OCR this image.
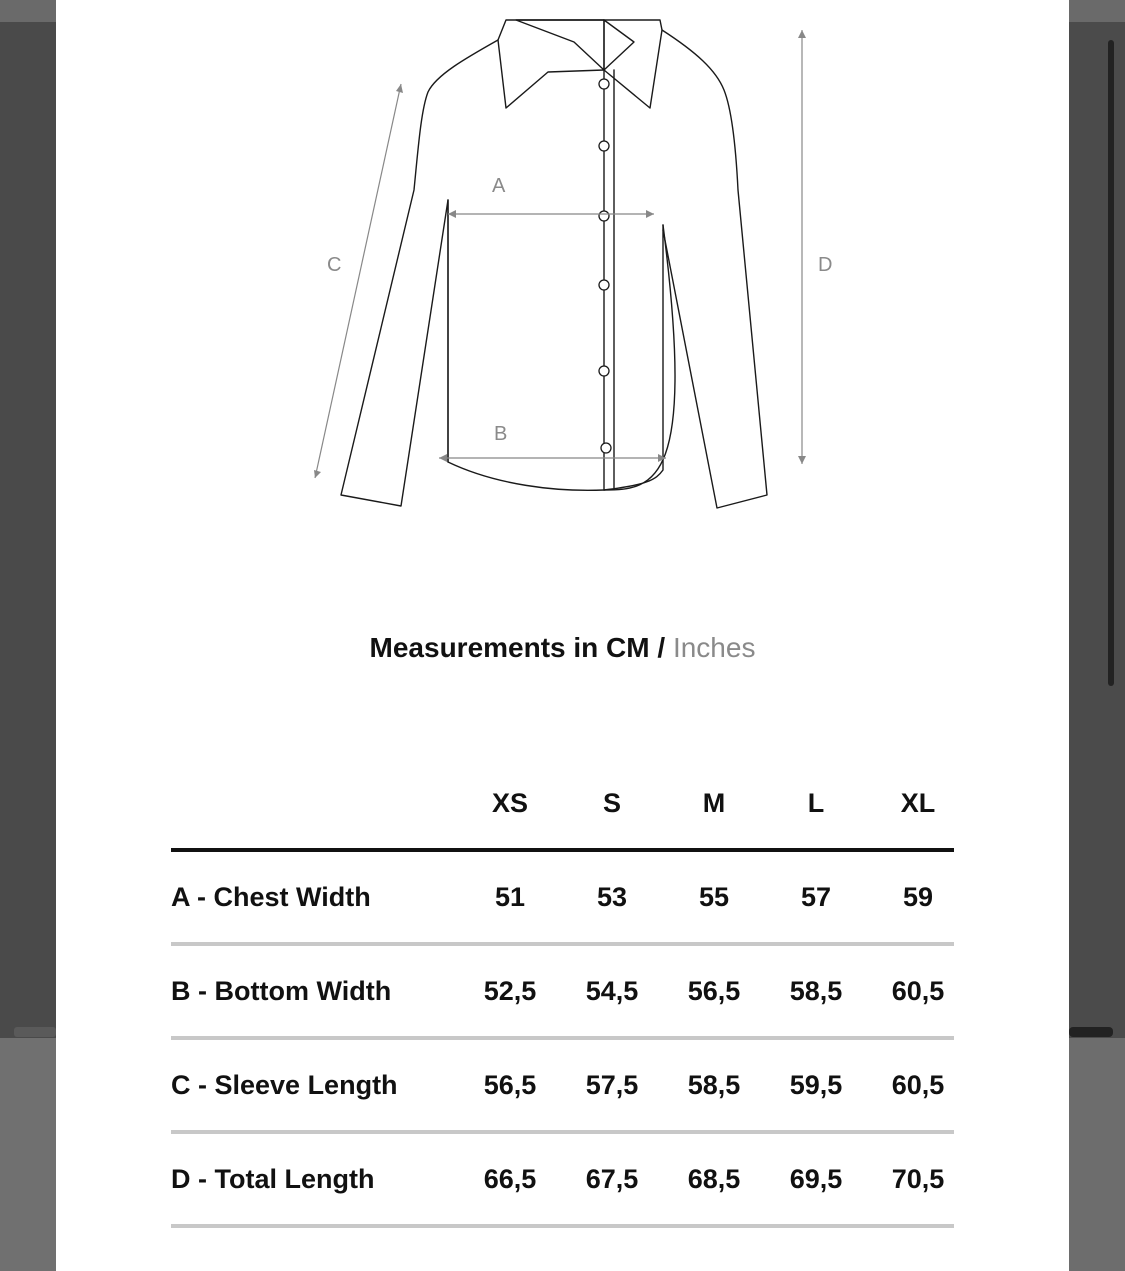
A
B
C	D
Measurements in CM / Inches
XS	S	M	L	XL
A - Chest Width	51	53	55	57	59
B - Bottom Width	52,5	54,5	56,5	58,5	60,5
C - Sleeve Length	56,5	57,5	58,5	59,5	60,5
D - Total Length	66,5	67,5	68,5	69,5	70,5
